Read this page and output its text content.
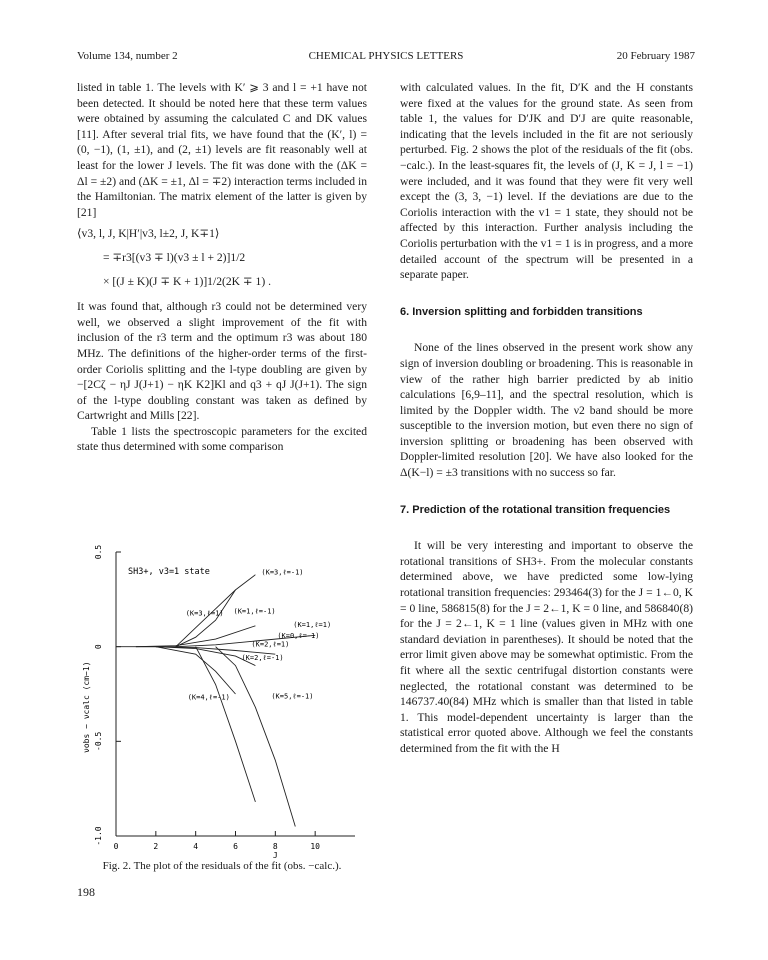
Volume 134, number 2	CHEMICAL PHYSICS LETTERS	20 February 1987

listed in table 1. The levels with K′ ⩾ 3 and l = +1 have not been detected. It should be noted here that these term values were obtained by assuming the calculated C and DK values [11]. After several trial fits, we have found that the (K′, l) = (0, −1), (1, ±1), and (2, ±1) levels are fit reasonably well at least for the lower J levels. The fit was done with the (ΔK = Δl = ±2) and (ΔK = ±1, Δl = ∓2) interaction terms included in the Hamiltonian. The matrix element of the latter is given by [21]

⟨v3, l, J, K|H′|v3, l±2, J, K∓1⟩

= ∓r3[(v3 ∓ l)(v3 ± l + 2)]1/2

× [(J ± K)(J ∓ K + 1)]1/2(2K ∓ 1) .

It was found that, although r3 could not be determined very well, we observed a slight improvement of the fit with inclusion of the r3 term and the optimum r3 was about 180 MHz. The definitions of the higher-order terms of the first-order Coriolis splitting and the l-type doubling are given by −[2Cζ − ηJ J(J+1) − ηK K2]Kl and q3 + qJ J(J+1). The sign of the l-type doubling constant was taken as defined by Cartwright and Mills [22].

Table 1 lists the spectroscopic parameters for the excited state thus determined with some comparison

0	2	4	6	8	10
0.5
0
-0.5
-1.0
J
νobs − νcalc (cm−1)
SH3+, v3=1 state	(K=3,ℓ=-1)
(K=3,ℓ=1) (K=1,ℓ=-1)
(K=1,ℓ=1)
(K=0,ℓ=-1)
(K=2,ℓ=1)
(K=2,ℓ=-1)
(K=4,ℓ=-1)	(K=5,ℓ=-1)
Fig. 2. The plot of the residuals of the fit (obs. −calc.).

with calculated values. In the fit, D′K and the H constants were fixed at the values for the ground state. As seen from table 1, the values for D′JK and D′J are quite reasonable, indicating that the levels included in the fit are not seriously perturbed. Fig. 2 shows the plot of the residuals of the fit (obs. −calc.). In the least-squares fit, the levels of (J, K = J, l = −1) were included, and it was found that they were fit very well except the (3, 3, −1) level. If the deviations are due to the Coriolis interaction with the v1 = 1 state, they should not be affected by this interaction. Further analysis including the Coriolis perturbation with the v1 = 1 is in progress, and a more detailed account of the spectrum will be presented in a separate paper.

6. Inversion splitting and forbidden transitions

None of the lines observed in the present work show any sign of inversion doubling or broadening. This is reasonable in view of the rather high barrier predicted by ab initio calculations [6,9–11], and the spectral resolution, which is limited by the Doppler width. The ν2 band should be more susceptible to the inversion motion, but even there no sign of inversion splitting or broadening has been observed with Doppler-limited resolution [20]. We have also looked for the Δ(K−l) = ±3 transitions with no success so far.

7. Prediction of the rotational transition frequencies

It will be very interesting and important to observe the rotational transitions of SH3+. From the molecular constants determined above, we have predicted some low-lying rotational transition frequencies: 293464(3) for the J = 1←0, K = 0 line, 586815(8) for the J = 2←1, K = 0 line, and 586840(8) for the J = 2←1, K = 1 line (values given in MHz with one standard deviation in parentheses). It should be noted that the error limit given above may be somewhat optimistic. From the fit where all the sextic centrifugal distortion constants were neglected, the rotational constant was determined to be 146737.40(84) MHz which is smaller than that listed in table 1. This model-dependent uncertainty is larger than the statistical error quoted above. Although we feel the constants determined from the fit with the H

198
